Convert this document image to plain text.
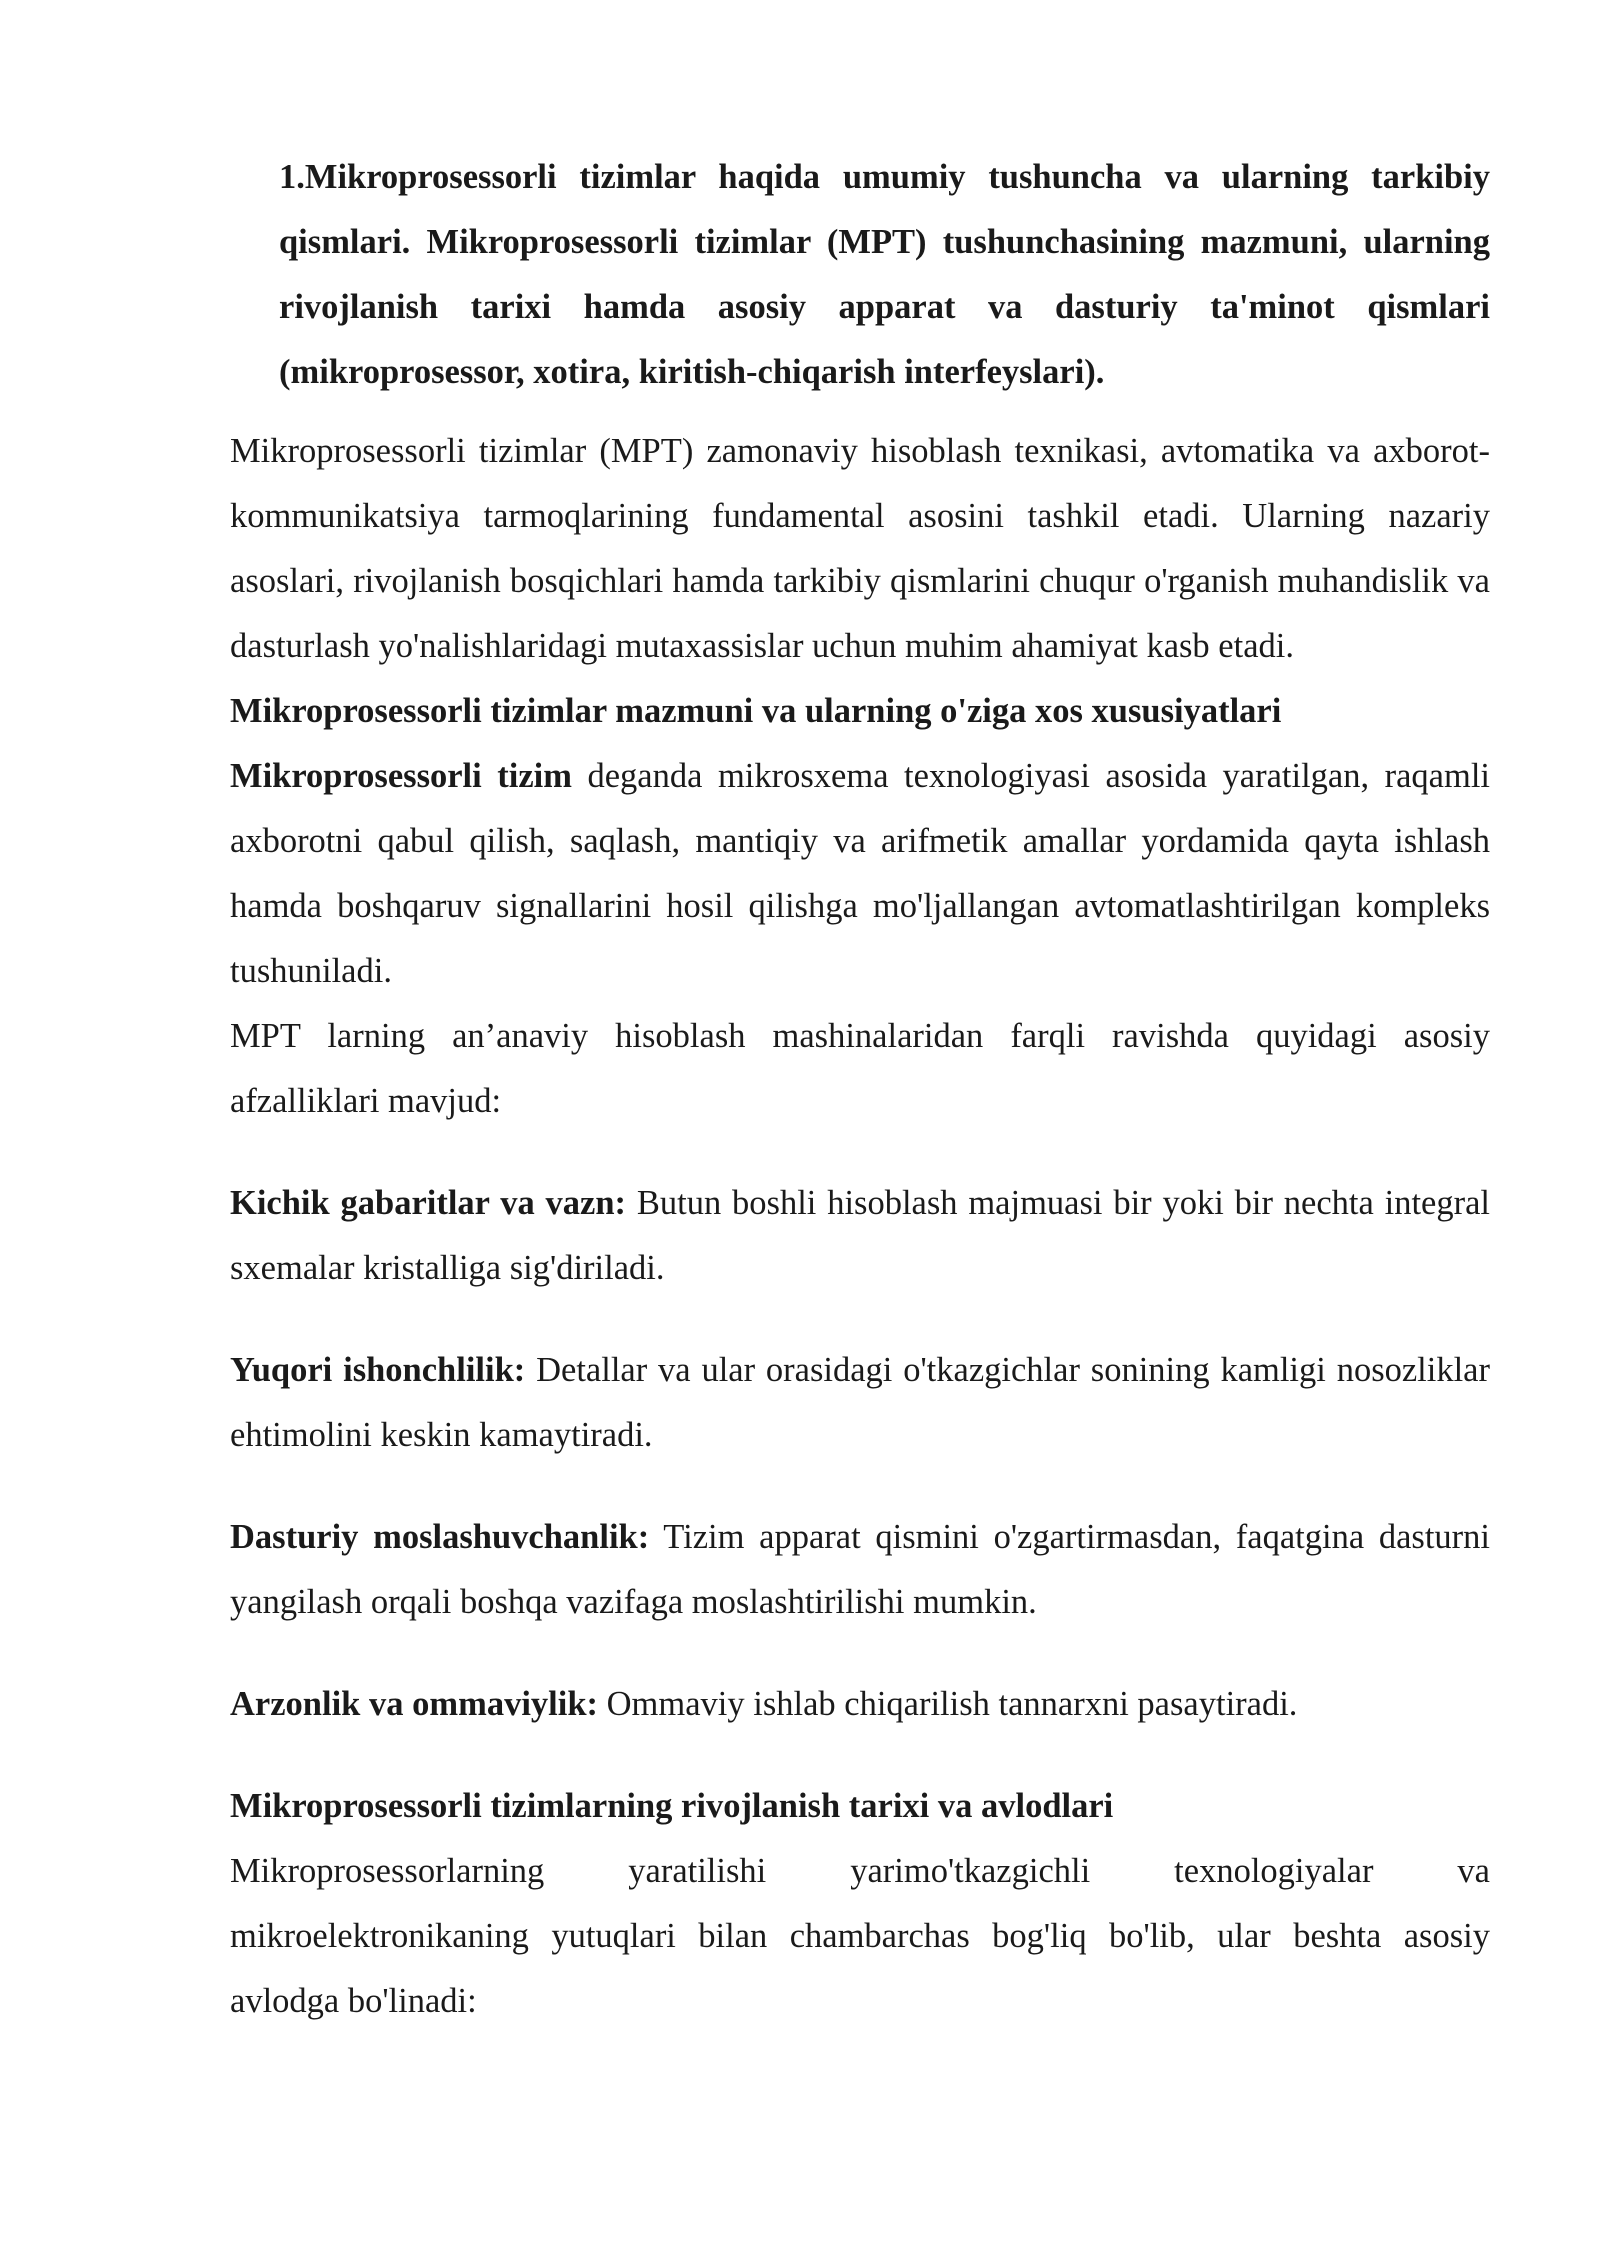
1.Mikroprosessorli tizimlar haqida umumiy tushuncha va ularning tarkibiy qismlari. Mikroprosessorli tizimlar (MPT) tushunchasining mazmuni, ularning rivojlanish tarixi hamda asosiy apparat va dasturiy ta'minot qismlari (mikroprosessor, xotira, kiritish-chiqarish interfeyslari).

Mikroprosessorli tizimlar (MPT) zamonaviy hisoblash texnikasi, avtomatika va axborot-kommunikatsiya tarmoqlarining fundamental asosini tashkil etadi. Ularning nazariy asoslari, rivojlanish bosqichlari hamda tarkibiy qismlarini chuqur o'rganish muhandislik va dasturlash yo'nalishlaridagi mutaxassislar uchun muhim ahamiyat kasb etadi.

Mikroprosessorli tizimlar mazmuni va ularning o'ziga xos xususiyatlari

Mikroprosessorli tizim deganda mikrosxema texnologiyasi asosida yaratilgan, raqamli axborotni qabul qilish, saqlash, mantiqiy va arifmetik amallar yordamida qayta ishlash hamda boshqaruv signallarini hosil qilishga mo'ljallangan avtomatlashtirilgan kompleks tushuniladi.

MPT larning an’anaviy hisoblash mashinalaridan farqli ravishda quyidagi asosiy afzalliklari mavjud:

Kichik gabaritlar va vazn: Butun boshli hisoblash majmuasi bir yoki bir nechta integral sxemalar kristalliga sig'diriladi.

Yuqori ishonchlilik: Detallar va ular orasidagi o'tkazgichlar sonining kamligi nosozliklar ehtimolini keskin kamaytiradi.

Dasturiy moslashuvchanlik: Tizim apparat qismini o'zgartirmasdan, faqatgina dasturni yangilash orqali boshqa vazifaga moslashtirilishi mumkin.

Arzonlik va ommaviylik: Ommaviy ishlab chiqarilish tannarxni pasaytiradi.

Mikroprosessorli tizimlarning rivojlanish tarixi va avlodlari

Mikroprosessorlarning yaratilishi yarimo'tkazgichli texnologiyalar va

mikroelektronikaning yutuqlari bilan chambarchas bog'liq bo'lib, ular beshta asosiy avlodga bo'linadi:
